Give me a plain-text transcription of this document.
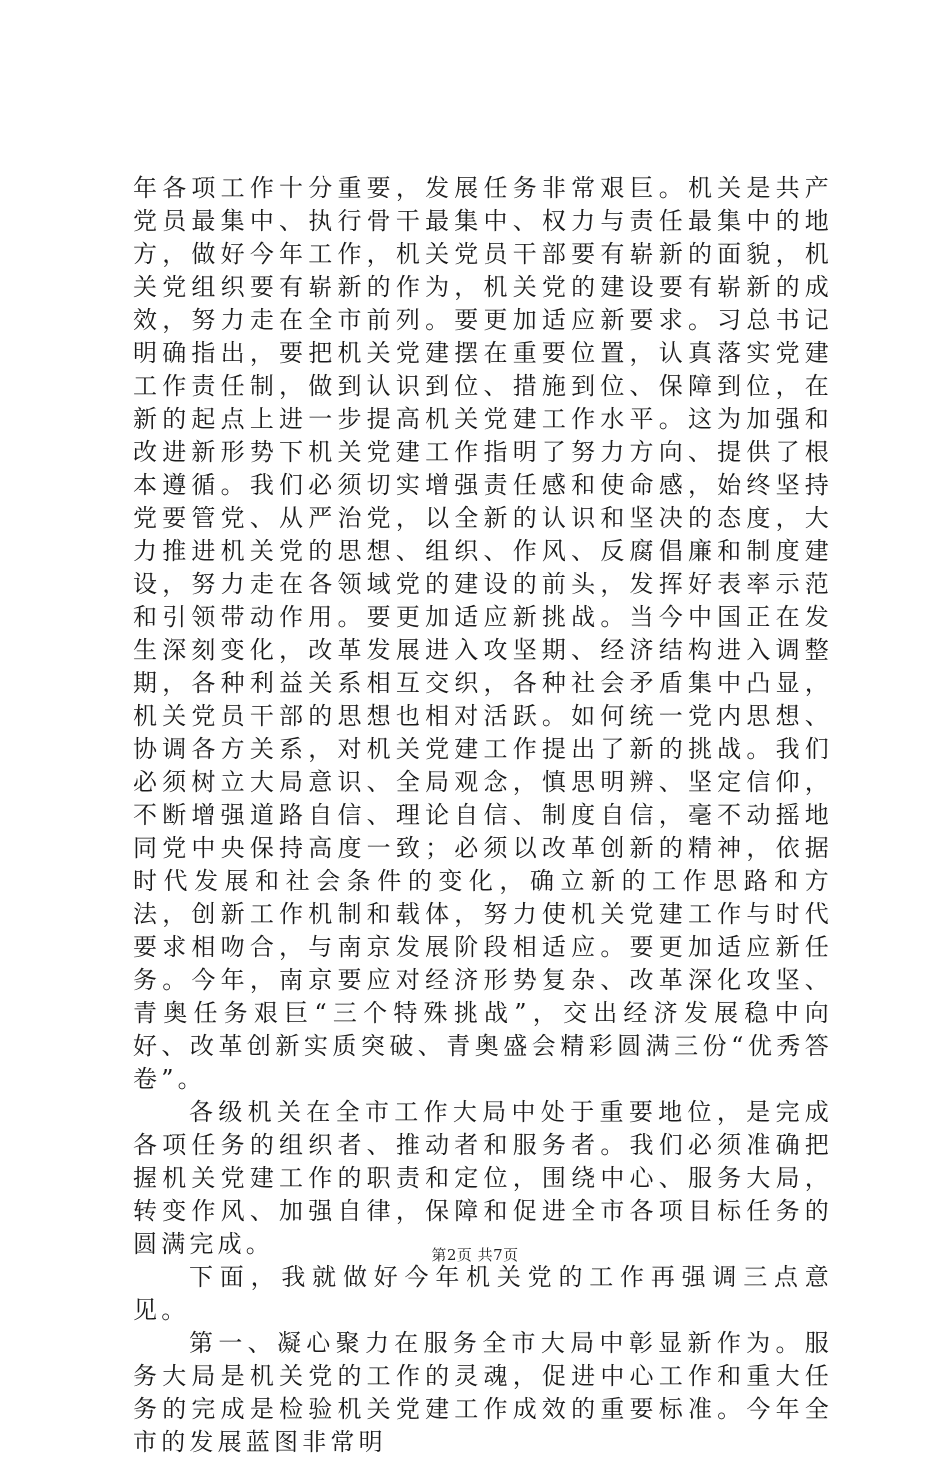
年各项工作十分重要，发展任务非常艰巨。机关是共产党员最集中、执行骨干最集中、权力与责任最集中的地方，做好今年工作，机关党员干部要有崭新的面貌，机关党组织要有崭新的作为，机关党的建设要有崭新的成效，努力走在全市前列。要更加适应新要求。习总书记明确指出，要把机关党建摆在重要位置，认真落实党建工作责任制，做到认识到位、措施到位、保障到位，在新的起点上进一步提高机关党建工作水平。这为加强和改进新形势下机关党建工作指明了努力方向、提供了根本遵循。我们必须切实增强责任感和使命感，始终坚持党要管党、从严治党，以全新的认识和坚决的态度，大力推进机关党的思想、组织、作风、反腐倡廉和制度建设，努力走在各领域党的建设的前头，发挥好表率示范和引领带动作用。要更加适应新挑战。当今中国正在发生深刻变化，改革发展进入攻坚期、经济结构进入调整期，各种利益关系相互交织，各种社会矛盾集中凸显，机关党员干部的思想也相对活跃。如何统一党内思想、协调各方关系，对机关党建工作提出了新的挑战。我们必须树立大局意识、全局观念，慎思明辨、坚定信仰，不断增强道路自信、理论自信、制度自信，毫不动摇地同党中央保持高度一致；必须以改革创新的精神，依据时代发展和社会条件的变化，确立新的工作思路和方法，创新工作机制和载体，努力使机关党建工作与时代要求相吻合，与南京发展阶段相适应。要更加适应新任务。今年，南京要应对经济形势复杂、改革深化攻坚、青奥任务艰巨“三个特殊挑战”，交出经济发展稳中向好、改革创新实质突破、青奥盛会精彩圆满三份“优秀答卷”。

各级机关在全市工作大局中处于重要地位，是完成各项任务的组织者、推动者和服务者。我们必须准确把握机关党建工作的职责和定位，围绕中心、服务大局，转变作风、加强自律，保障和促进全市各项目标任务的圆满完成。

下面，我就做好今年机关党的工作再强调三点意见。

第一、凝心聚力在服务全市大局中彰显新作为。服务大局是机关党的工作的灵魂，促进中心工作和重大任务的完成是检验机关党建工作成效的重要标准。今年全市的发展蓝图非常明

第2页 共7页
